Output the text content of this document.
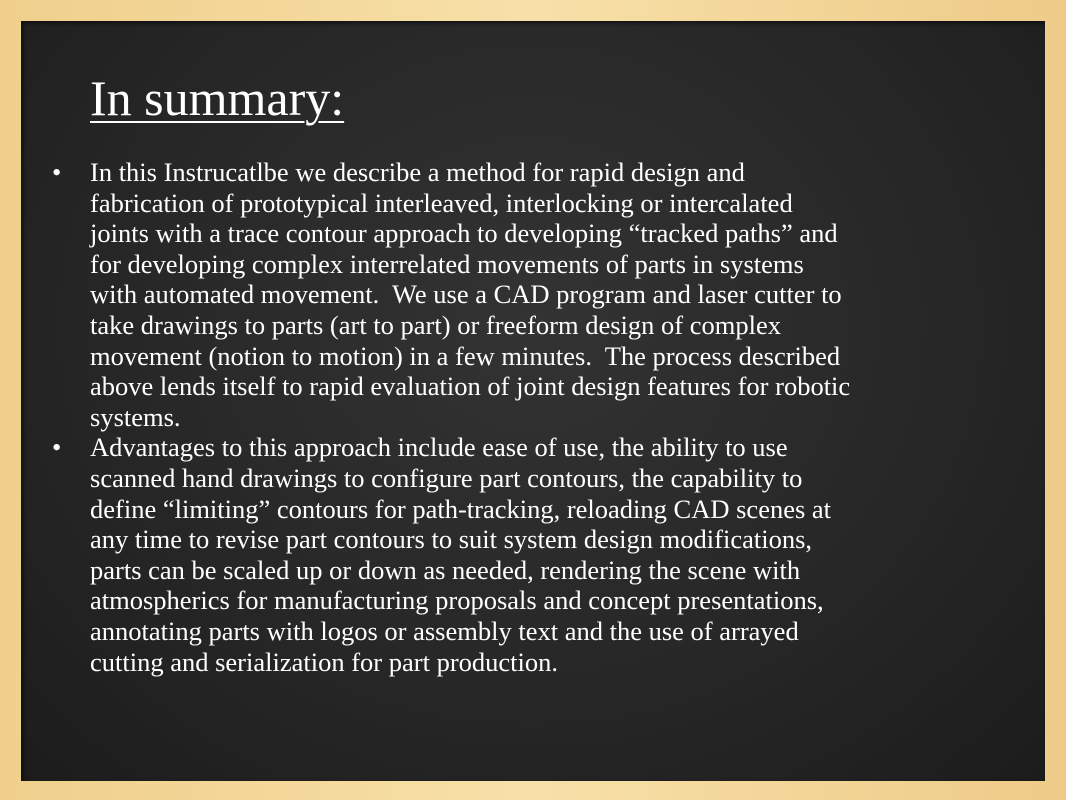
In summary:
• In this Instrucatlbe we describe a method for rapid design and
fabrication of prototypical interleaved, interlocking or intercalated
joints with a trace contour approach to developing “tracked paths” and
for developing complex interrelated movements of parts in systems
with automated movement.  We use a CAD program and laser cutter to
take drawings to parts (art to part) or freeform design of complex
movement (notion to motion) in a few minutes.  The process described
above lends itself to rapid evaluation of joint design features for robotic
systems.
• Advantages to this approach include ease of use, the ability to use
scanned hand drawings to configure part contours, the capability to
define “limiting” contours for path-tracking, reloading CAD scenes at
any time to revise part contours to suit system design modifications,
parts can be scaled up or down as needed, rendering the scene with
atmospherics for manufacturing proposals and concept presentations,
annotating parts with logos or assembly text and the use of arrayed
cutting and serialization for part production.
